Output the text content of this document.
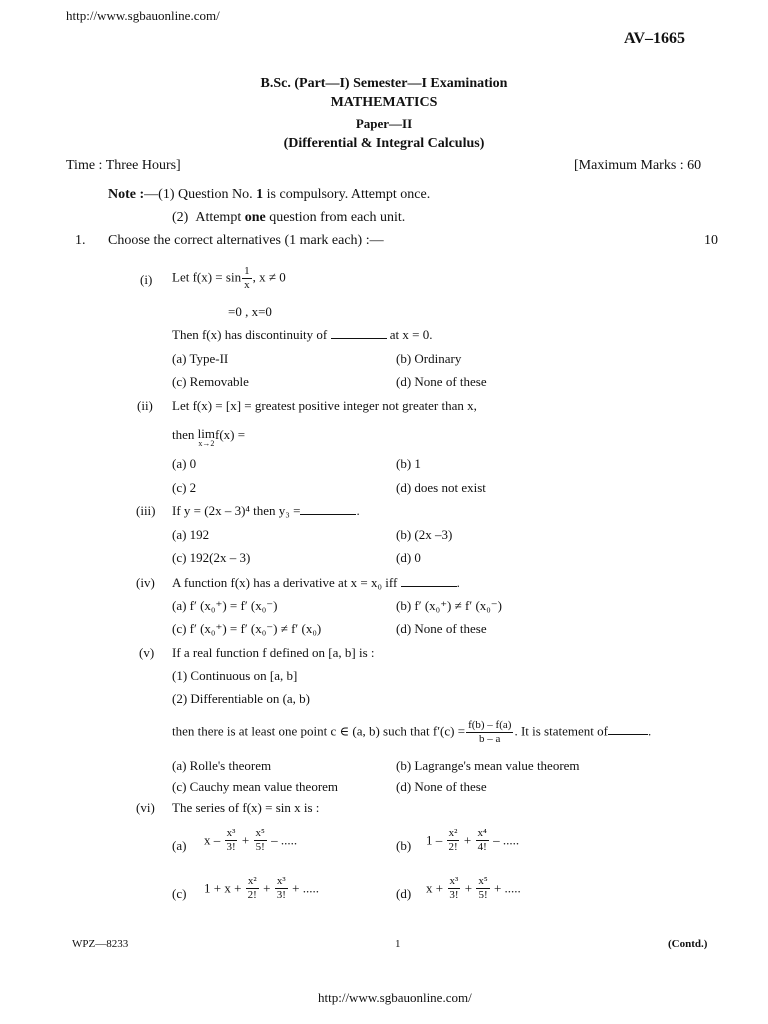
http://www.sgbauonline.com/
AV–1665
B.Sc. (Part—I) Semester—I Examination
MATHEMATICS
Paper—II
(Differential & Integral Calculus)
Time : Three Hours]	[Maximum Marks : 60
Note :—(1) Question No. 1 is compulsory. Attempt once.
(2) Attempt one question from each unit.
1. Choose the correct alternatives (1 mark each) :—	10
(i) Let $f(x) = \sin \frac{1}{x}$ , x ≠ 0
=0 , x=0
Then f(x) has discontinuity of	at x = 0.
(a) Type-II	(b) Ordinary
(c) Removable	(d) None of these
(ii) Let f(x) = [x] = greatest positive integer not greater than x,
then lim
x→2
f(x) =
(a) 0	(b) 1
(c) 2	(d) does not exist
(iii) If y = (2x – 3)⁴ then y₃ =	.
(a) 192	(b) (2x –3)
(c) 192(2x – 3)	(d) 0
(iv) A function f(x) has a derivative at x = x₀ iff	.
(a) f′ (x₀⁺) = f′ (x₀⁻)	(b) f′ (x₀⁺) ≠ f′ (x₀⁻)
(c) f′ (x₀⁺) = f′ (x₀⁻) ≠ f′ (x₀)	(d) None of these
(v) If a real function f defined on [a, b] is :
(1) Continuous on [a, b]
(2) Differentiable on (a, b)
then there is at least one point c ∈ (a, b) such that $f'(c) = \frac{f(b) - f(a)}{b - a}$ . It is statement of	.
(a) Rolle's theorem	(b) Lagrange's mean value theorem
(c) Cauchy mean value theorem	(d) None of these
(vi) The series of f(x) = sin x is :
(a) $x - \frac{\text{x³}}{3!} + \frac{\text{x⁵}}{5!}$ – .....	(b) $1 - \frac{\text{x²}}{2!} + \frac{\text{x⁴}}{4!}$ – .....
(c) $1 + x + \frac{\text{x²}}{2!} + \frac{\text{x³}}{3!}$ + .....	(d) $x + \frac{\text{x³}}{3!} + \frac{\text{x⁵}}{5!}$ + .....
WPZ—8233	1	(Contd.)
http://www.sgbauonline.com/
